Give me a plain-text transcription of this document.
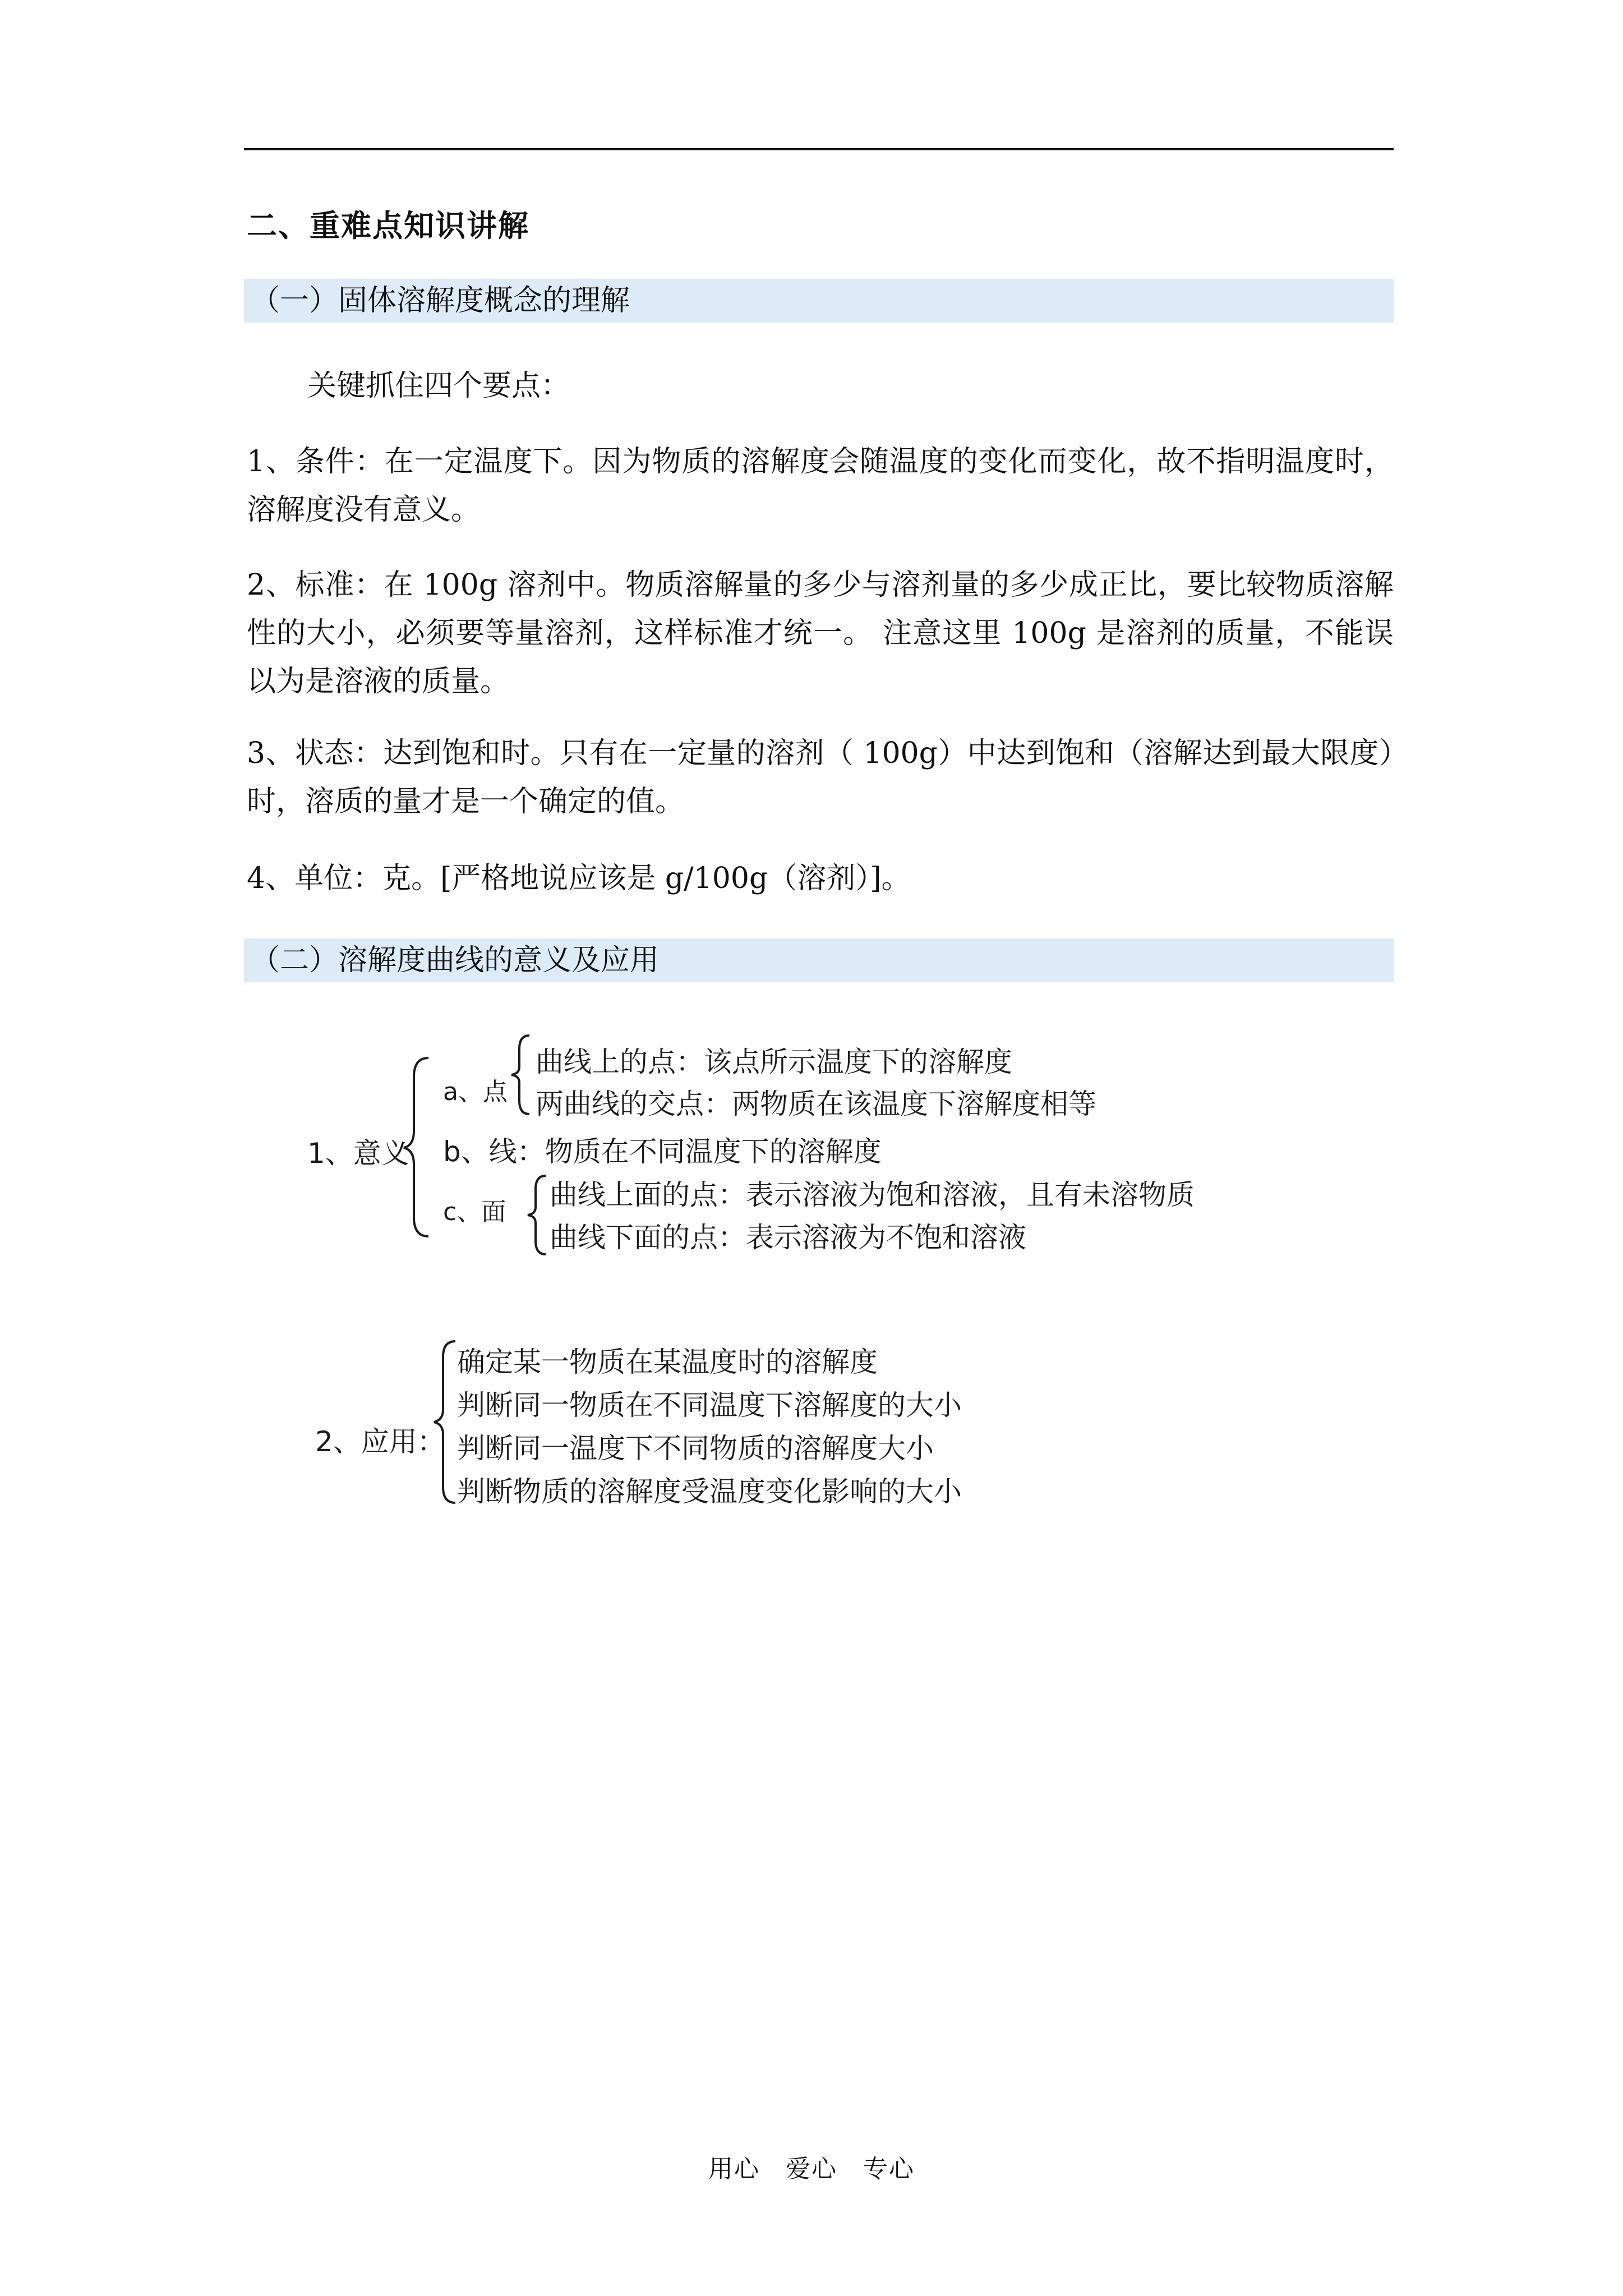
二、重难点知识讲解
（一）固体溶解度概念的理解
关键抓住四个要点：
1、条件：在一定温度下。因为物质的溶解度会随温度的变化而变化，故不指明温度时，溶解度没有意义。
2、标准：在 100g 溶剂中。物质溶解量的多少与溶剂量的多少成正比，要比较物质溶解性的大小，必须要等量溶剂，这样标准才统一。 注意这里 100g 是溶剂的质量，不能误以为是溶液的质量。
3、状态：达到饱和时。只有在一定量的溶剂（ 100g）中达到饱和（溶解达到最大限度）时，溶质的量才是一个确定的值。
4、单位：克。[严格地说应该是 g/100g（溶剂）]。
（二）溶解度曲线的意义及应用
1、意义
a、点
曲线上的点：该点所示温度下的溶解度
两曲线的交点：两物质在该温度下溶解度相等
b、线：物质在不同温度下的溶解度
c、面
曲线上面的点：表示溶液为饱和溶液，且有未溶物质
曲线下面的点：表示溶液为不饱和溶液
2、应用：
确定某一物质在某温度时的溶解度
判断同一物质在不同温度下溶解度的大小
判断同一温度下不同物质的溶解度大小
判断物质的溶解度受温度变化影响的大小
用心　爱心　专心
